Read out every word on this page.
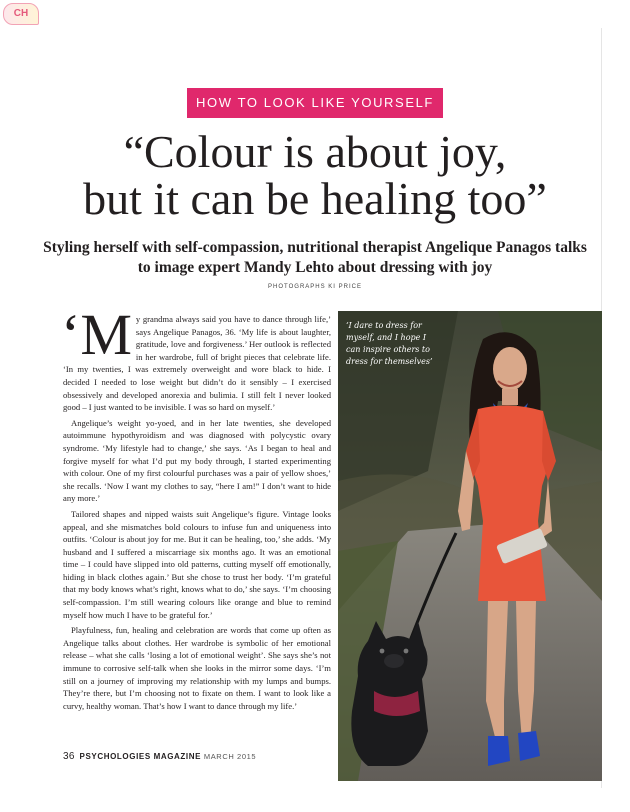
CH
HOW TO LOOK LIKE YOURSELF
“Colour is about joy,
but it can be healing too”
Styling herself with self-compassion, nutritional therapist Angelique Panagos talks to image expert Mandy Lehto about dressing with joy
PHOTOGRAPHS KI PRICE

‘My grandma always said you have to dance through life,’ says Angelique Panagos, 36. ‘My life is about laughter, gratitude, love and forgiveness.’ Her outlook is reflected in her wardrobe, full of bright pieces that celebrate life. ‘In my twenties, I was extremely overweight and wore black to hide. I decided I needed to lose weight but didn’t do it sensibly – I exercised obsessively and developed anorexia and bulimia. I still felt I never looked good – I just wanted to be invisible. I was so hard on myself.’

Angelique’s weight yo-yoed, and in her late twenties, she developed autoimmune hypothyroidism and was diagnosed with polycystic ovary syndrome. ‘My lifestyle had to change,’ she says. ‘As I began to heal and forgive myself for what I’d put my body through, I started experimenting with colour. One of my first colourful purchases was a pair of yellow shoes,’ she recalls. ‘Now I want my clothes to say, “here I am!” I don’t want to hide any more.’

Tailored shapes and nipped waists suit Angelique’s figure. Vintage looks appeal, and she mismatches bold colours to infuse fun and uniqueness into outfits. ‘Colour is about joy for me. But it can be healing, too,’ she adds. ‘My husband and I suffered a miscarriage six months ago. It was an emotional time – I could have slipped into old patterns, cutting myself off emotionally, hiding in black clothes again.’ But she chose to trust her body. ‘I’m grateful that my body knows what’s right, knows what to do,’ she says. ‘I’m choosing self-compassion. I’m still wearing colours like orange and blue to remind myself how much I have to be grateful for.’

Playfulness, fun, healing and celebration are words that come up often as Angelique talks about clothes. Her wardrobe is symbolic of her emotional release – what she calls ‘losing a lot of emotional weight’. She says she’s not immune to corrosive self-talk when she looks in the mirror some days. ‘I’m still on a journey of improving my relationship with my lumps and bumps. They’re there, but I’m choosing not to fixate on them. I want to look like a curvy, healthy woman. That’s how I want to dance through my life.’

‘I dare to dress for myself, and I hope I can inspire others to dress for themselves’
36 PSYCHOLOGIES MAGAZINE MARCH 2015
